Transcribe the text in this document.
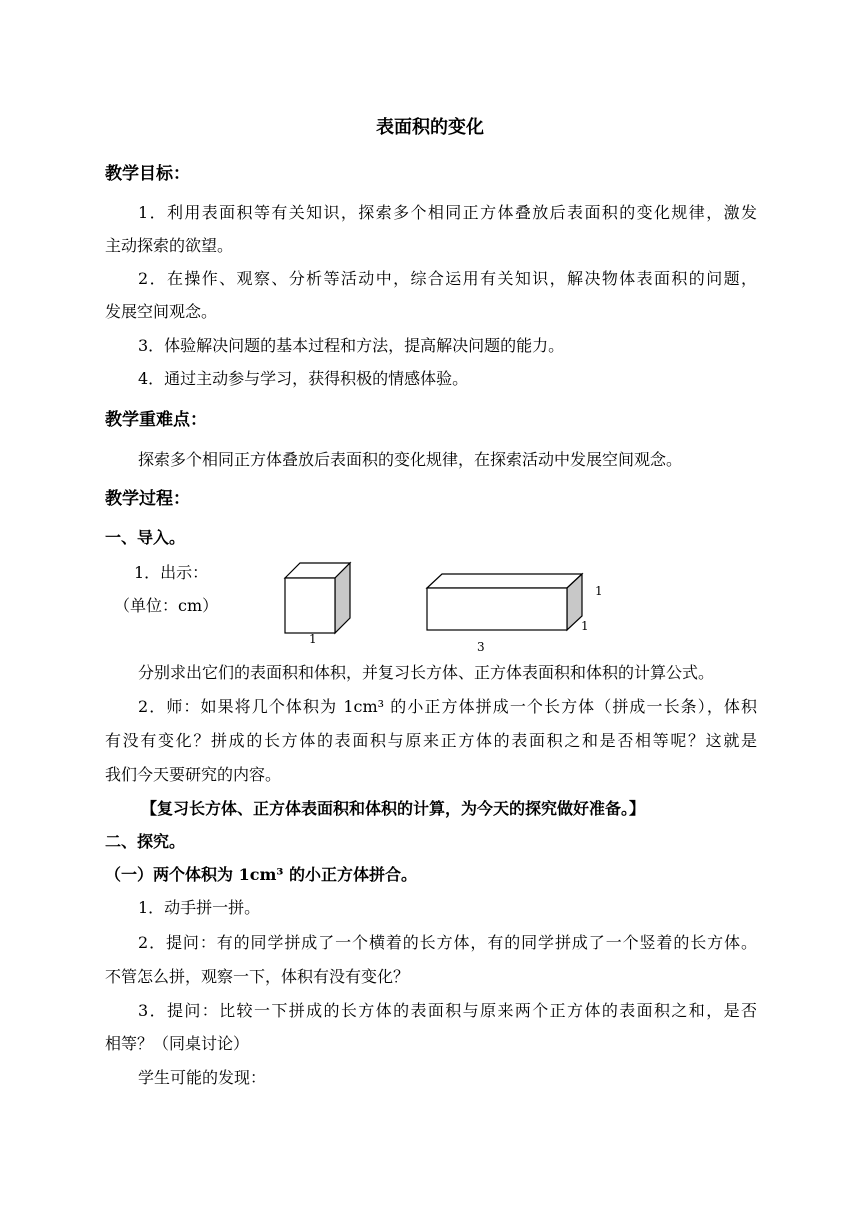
表面积的变化
教学目标：
1．利用表面积等有关知识，探索多个相同正方体叠放后表面积的变化规律，激发
主动探索的欲望。
2．在操作、观察、分析等活动中，综合运用有关知识，解决物体表面积的问题，
发展空间观念。
3．体验解决问题的基本过程和方法，提高解决问题的能力。
4．通过主动参与学习，获得积极的情感体验。
教学重难点：
探索多个相同正方体叠放后表面积的变化规律，在探索活动中发展空间观念。
教学过程：
一、导入。
1．出示：
（单位：cm）
1
3
1
1
分别求出它们的表面积和体积，并复习长方体、正方体表面积和体积的计算公式。
2．师：如果将几个体积为 1cm³ 的小正方体拼成一个长方体（拼成一长条），体积
有没有变化？拼成的长方体的表面积与原来正方体的表面积之和是否相等呢？这就是
我们今天要研究的内容。
【复习长方体、正方体表面积和体积的计算，为今天的探究做好准备。】
二、探究。
（一）两个体积为 1cm³ 的小正方体拼合。
1．动手拼一拼。
2．提问：有的同学拼成了一个横着的长方体，有的同学拼成了一个竖着的长方体。
不管怎么拼，观察一下，体积有没有变化？
3．提问：比较一下拼成的长方体的表面积与原来两个正方体的表面积之和，是否
相等？（同桌讨论）
学生可能的发现：
